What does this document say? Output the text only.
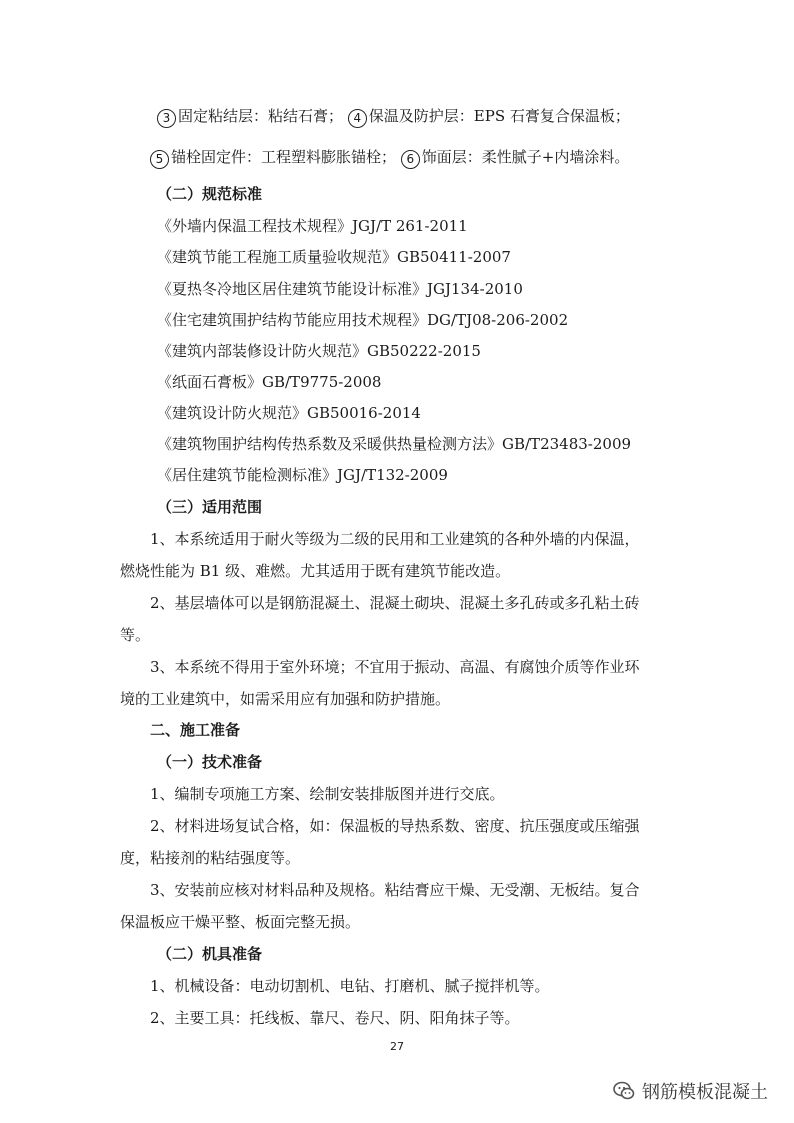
3 固定粘结层：粘结石膏； 4 保温及防护层：EPS 石膏复合保温板；
5 锚栓固定件：工程塑料膨胀锚栓； 6 饰面层：柔性腻子+内墙涂料。
（二）规范标准
《外墙内保温工程技术规程》JGJ/T 261-2011
《建筑节能工程施工质量验收规范》GB50411-2007
《夏热冬冷地区居住建筑节能设计标准》JGJ134-2010
《住宅建筑围护结构节能应用技术规程》DG/TJ08-206-2002
《建筑内部装修设计防火规范》GB50222-2015
《纸面石膏板》GB/T9775-2008
《建筑设计防火规范》GB50016-2014
《建筑物围护结构传热系数及采暖供热量检测方法》GB/T23483-2009
《居住建筑节能检测标准》JGJ/T132-2009
（三）适用范围
1、本系统适用于耐火等级为二级的民用和工业建筑的各种外墙的内保温，
燃烧性能为 B1 级、难燃。尤其适用于既有建筑节能改造。
2、基层墙体可以是钢筋混凝土、混凝土砌块、混凝土多孔砖或多孔粘土砖
等。
3、本系统不得用于室外环境；不宜用于振动、高温、有腐蚀介质等作业环
境的工业建筑中，如需采用应有加强和防护措施。
二、施工准备
（一）技术准备
1、编制专项施工方案、绘制安装排版图并进行交底。
2、材料进场复试合格，如：保温板的导热系数、密度、抗压强度或压缩强
度，粘接剂的粘结强度等。
3、安装前应核对材料品种及规格。粘结膏应干燥、无受潮、无板结。复合
保温板应干燥平整、板面完整无损。
（二）机具准备
1、机械设备：电动切割机、电钻、打磨机、腻子搅拌机等。
2、主要工具：托线板、靠尺、卷尺、阴、阳角抹子等。
27
钢筋模板混凝土
